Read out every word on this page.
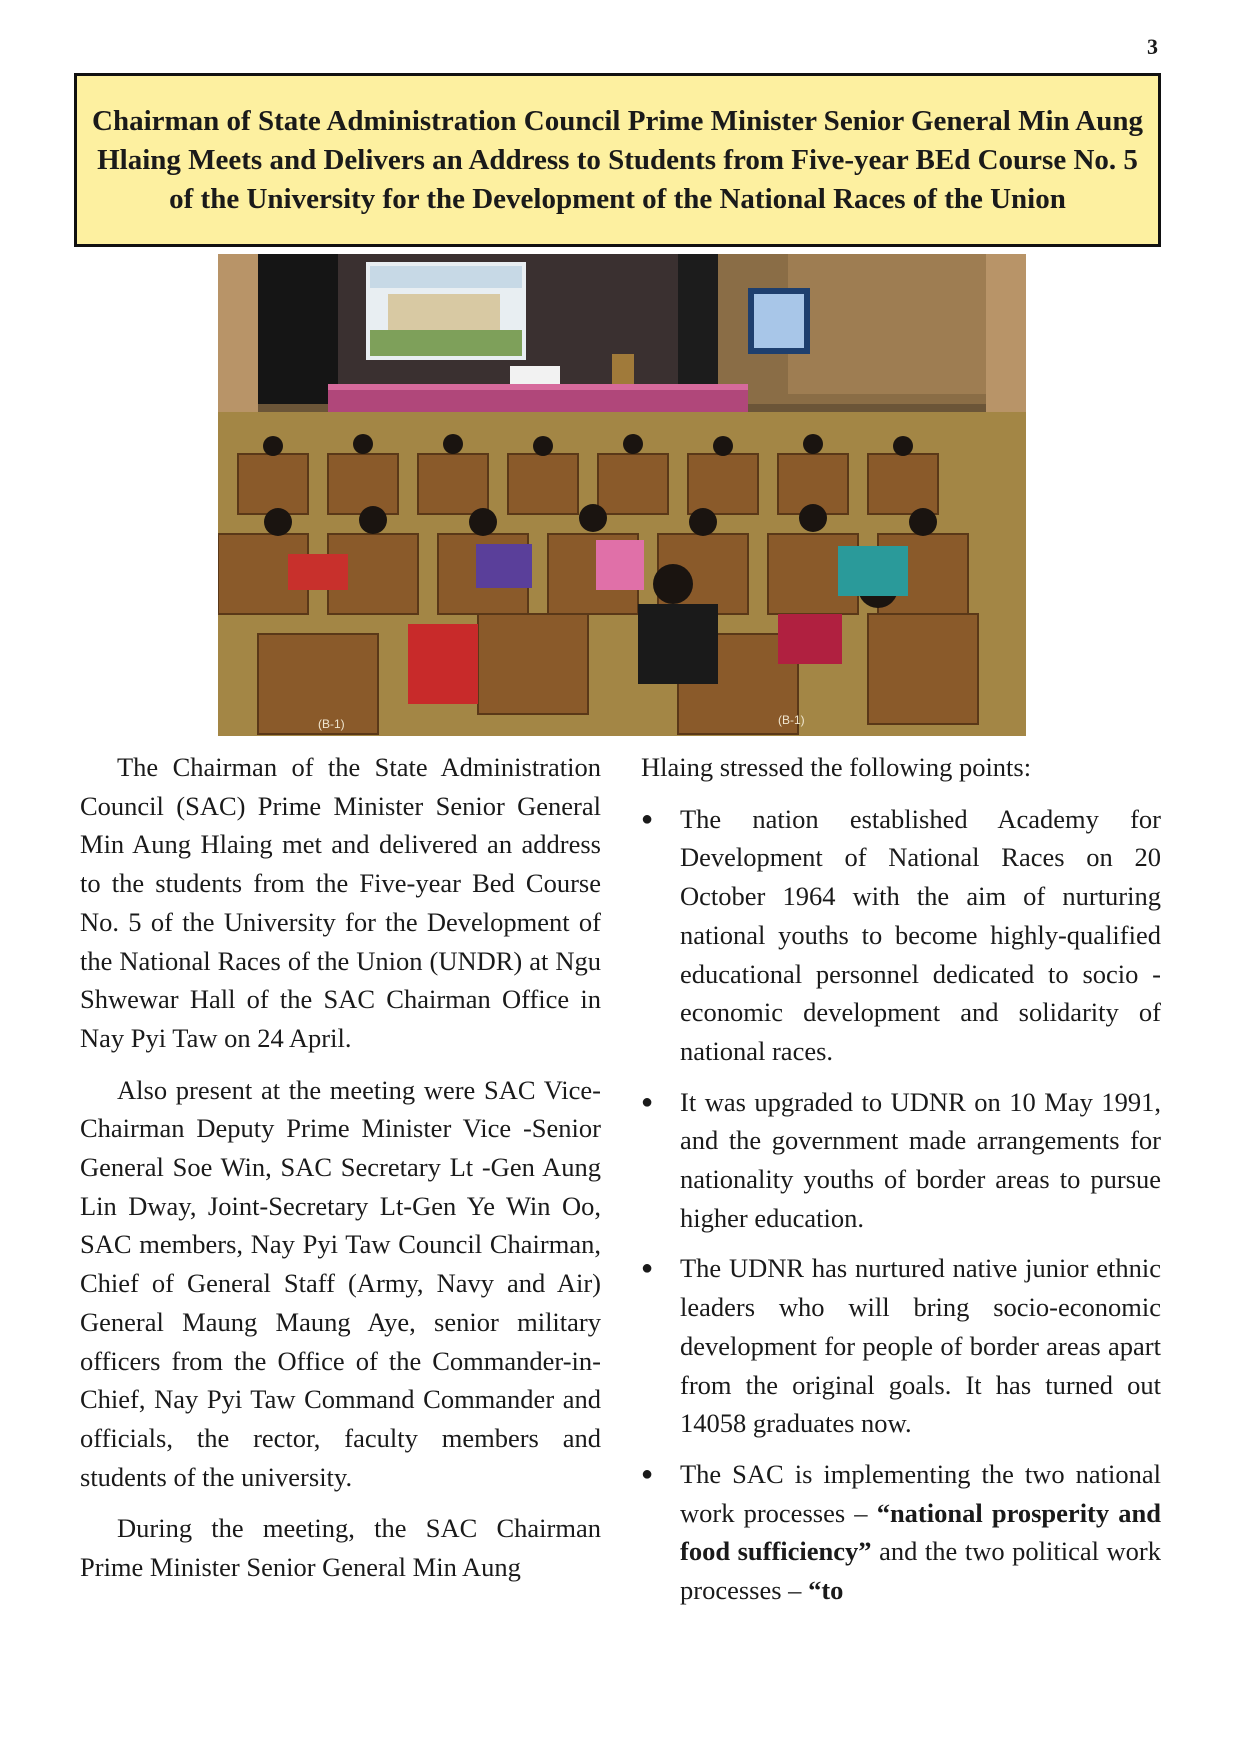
3
Chairman of State Administration Council Prime Minister Senior General Min Aung Hlaing Meets and Delivers an Address to Students from Five-year BEd Course No. 5 of the University for the Development of the National Races of the Union
(B-1)	(B-1)

The Chairman of the State Administration Council (SAC) Prime Minister Senior General Min Aung Hlaing met and delivered an address to the students from the Five-year Bed Course No. 5 of the University for the Development of the National Races of the Union (UNDR) at Ngu Shwewar Hall of the SAC Chairman Office in Nay Pyi Taw on 24 April.

Also present at the meeting were SAC Vice-Chairman Deputy Prime Minister Vice -Senior General Soe Win, SAC Secretary Lt -Gen Aung Lin Dway, Joint-Secretary Lt-Gen Ye Win Oo, SAC members, Nay Pyi Taw Council Chairman, Chief of General Staff (Army, Navy and Air) General Maung Maung Aye, senior military officers from the Office of the Commander-in-Chief, Nay Pyi Taw Command Commander and officials, the rector, faculty members and students of the university.

During the meeting, the SAC Chairman Prime Minister Senior General Min Aung

Hlaing stressed the following points:

● The nation established Academy for Development of National Races on 20 October 1964 with the aim of nurturing national youths to become highly-qualified educational personnel dedicated to socio -economic development and solidarity of national races.
● It was upgraded to UDNR on 10 May 1991, and the government made arrangements for nationality youths of border areas to pursue higher education.
● The UDNR has nurtured native junior ethnic leaders who will bring socio-economic development for people of border areas apart from the original goals. It has turned out 14058 graduates now.
● The SAC is implementing the two national work processes – “national prosperity and food sufficiency” and the two political work processes – “to
